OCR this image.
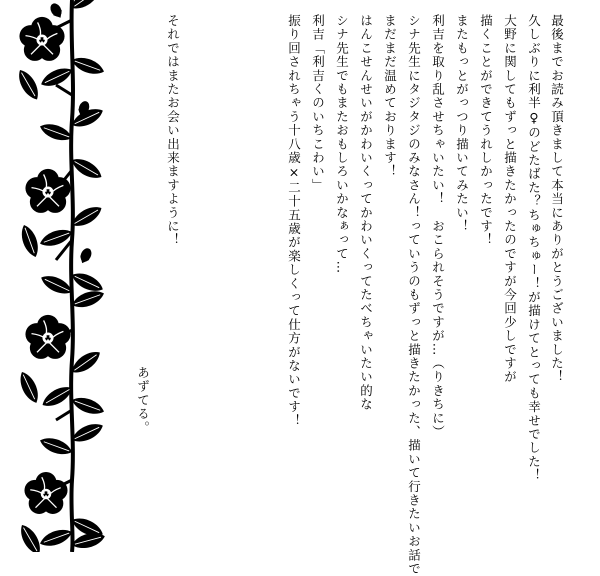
最後までお読み頂きまして本当にありがとうございました！
久しぶりに利半♀のどたばた？ちゅちゅー！が描けてとっても幸せでした！
大野に関してもずっと描きたかったのですが今回少しですが
描くことができてうれしかったです！
またもっとがっつり描いてみたい！
利吉を取り乱させちゃいたい！　おこられそうですが…（りきちに）
シナ先生にタジタジのみなさん！っていうのもずっと描きたかった、描いて行きたいお話で
まだまだ温めております！
はんこせんせいがかわいくってかわいくってたべちゃいたい的な
シナ先生でもまたおもしろいかなぁって…
利吉「利吉くのいちこわい」
振り回されちゃう十八歳×二十五歳が楽しくって仕方がないです！
それではまたお会い出来ますように！
あずてる。
